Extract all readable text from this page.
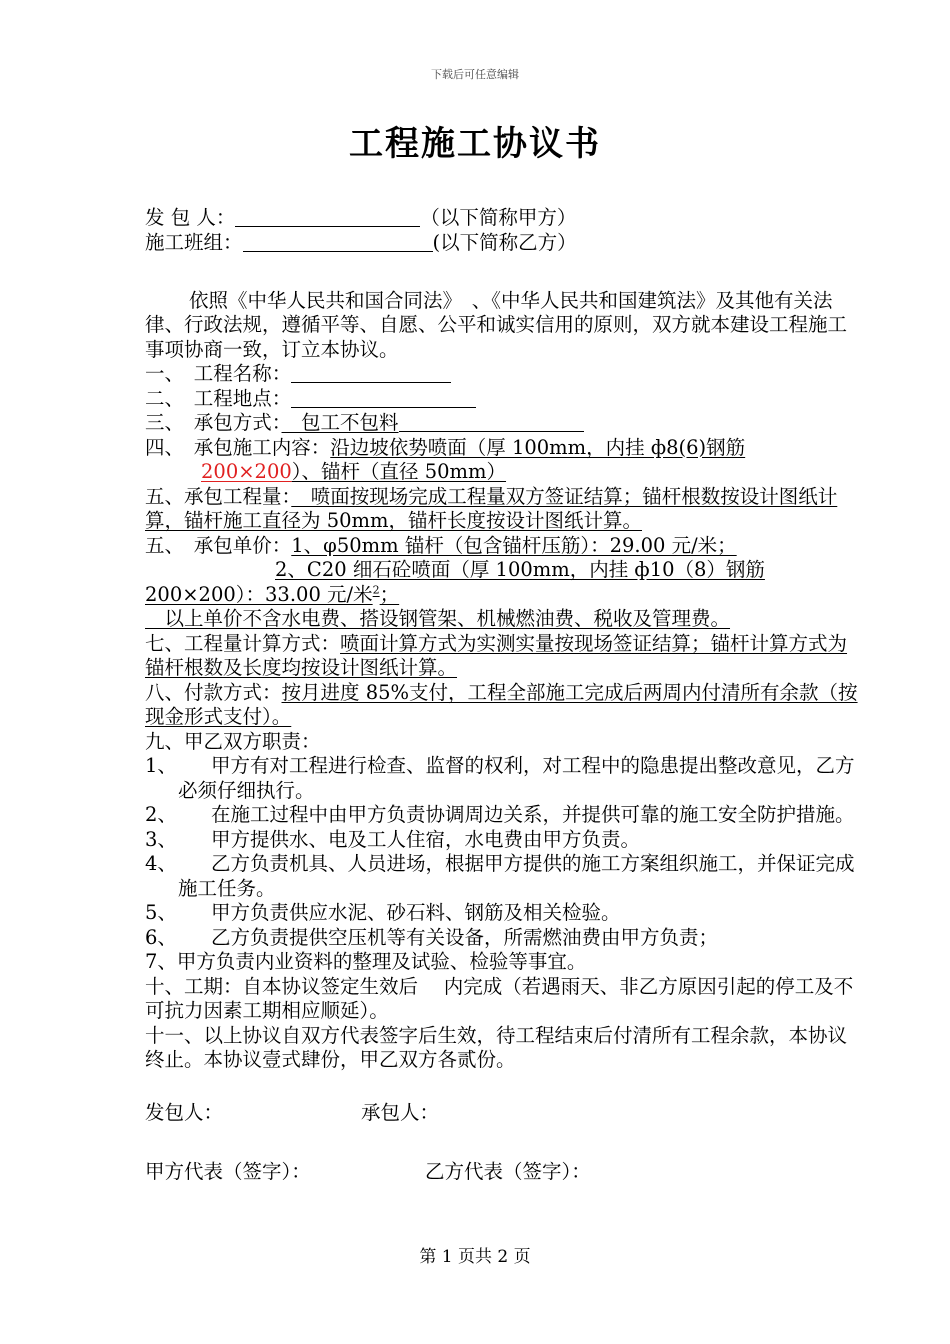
下载后可任意编辑
工程施工协议书
发 包 人：	（以下简称甲方）
施工班组：	(以下简称乙方）
依照《中华人民共和国合同法》　、《中华人民共和国建筑法》及其他有关法律、行政法规，遵循平等、自愿、公平和诚实信用的原则，双方就本建设工程施工事项协商一致，订立本协议。
一、　工程名称：
二、　工程地点：
三、　承包方式：　包工不包料
四、　承包施工内容：沿边坡依势喷面（厚 100mm，内挂 ф8(6)钢筋200×200）、锚杆（直径 50mm）
五、承包工程量：　喷面按现场完成工程量双方签证结算；锚杆根数按设计图纸计算，锚杆施工直径为 50mm，锚杆长度按设计图纸计算。
五、　承包单价：1、φ50mm 锚杆（包含锚杆压筋）：29.00 元/米；
2、C20 细石砼喷面（厚 100mm，内挂 ф10（8）钢筋 200×200）：33.00 元/米$^2$；
　以上单价不含水电费、搭设钢管架、机械燃油费、税收及管理费。
七、工程量计算方式：喷面计算方式为实测实量按现场签证结算；锚杆计算方式为锚杆根数及长度均按设计图纸计算。
八、付款方式：按月进度 85%支付，工程全部施工完成后两周内付清所有余款（按现金形式支付）。
九、甲乙双方职责：
1、 甲方有对工程进行检查、监督的权利，对工程中的隐患提出整改意见，乙方必须仔细执行。
2、 在施工过程中由甲方负责协调周边关系，并提供可靠的施工安全防护措施。
3、 甲方提供水、电及工人住宿，水电费由甲方负责。
4、 乙方负责机具、人员进场，根据甲方提供的施工方案组织施工，并保证完成施工任务。
5、 甲方负责供应水泥、砂石料、钢筋及相关检验。
6、 乙方负责提供空压机等有关设备，所需燃油费由甲方负责；
7、甲方负责内业资料的整理及试验、检验等事宜。
十、工期：自本协议签定生效后　 内完成（若遇雨天、非乙方原因引起的停工及不可抗力因素工期相应顺延）。
十一、以上协议自双方代表签字后生效，待工程结束后付清所有工程余款，本协议终止。本协议壹式肆份，甲乙双方各贰份。
发包人：	承包人：
甲方代表（签字）：	乙方代表（签字）：
第 1 页共 2 页
